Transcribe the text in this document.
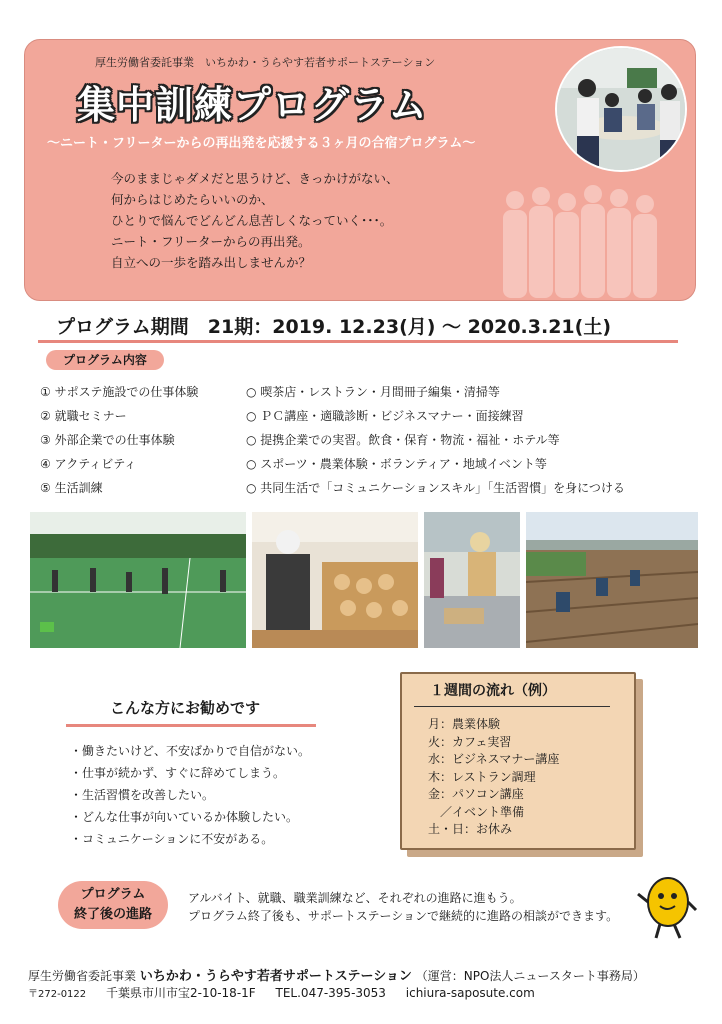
厚生労働省委託事業　いちかわ・うらやす若者サポートステーション
集中訓練プログラム
～ニート・フリーターからの再出発を応援する３ヶ月の合宿プログラム～
今のままじゃダメだと思うけど、きっかけがない、
何からはじめたらいいのか、
ひとりで悩んでどんどん息苦しくなっていく･･･。
ニート・フリーターからの再出発。
自立への一歩を踏み出しませんか？
プログラム期間　21期：2019. 12.23(月) ～ 2020.3.21(土)
プログラム内容
① サポステ施設での仕事体験	○ 喫茶店・レストラン・月間冊子編集・清掃等
② 就職セミナー	○ ＰＣ講座・適職診断・ビジネスマナー・面接練習
③ 外部企業での仕事体験	○ 提携企業での実習。飲食・保育・物流・福祉・ホテル等
④ アクティビティ	○ スポーツ・農業体験・ボランティア・地域イベント等
⑤ 生活訓練	○ 共同生活で「コミュニケーションスキル」「生活習慣」を身につける
こんな方にお勧めです
・働きたいけど、不安ばかりで自信がない。
・仕事が続かず、すぐに辞めてしまう。
・生活習慣を改善したい。
・どんな仕事が向いているか体験したい。
・コミュニケーションに不安がある。
１週間の流れ（例）
月：農業体験
火：カフェ実習
水：ビジネスマナー講座
木：レストラン調理
金：パソコン講座
　／イベント準備
土・日：お休み
プログラム
終了後の進路
アルバイト、就職、職業訓練など、それぞれの進路に進もう。
プログラム終了後も、サポートステーションで継続的に進路の相談ができます。
厚生労働省委託事業 いちかわ・うらやす若者サポートステーション （運営：NPO法人ニュースタート事務局）
〒272-0122 千葉県市川市宝2-10-18-1F TEL.047-395-3053 ichiura-saposute.com
